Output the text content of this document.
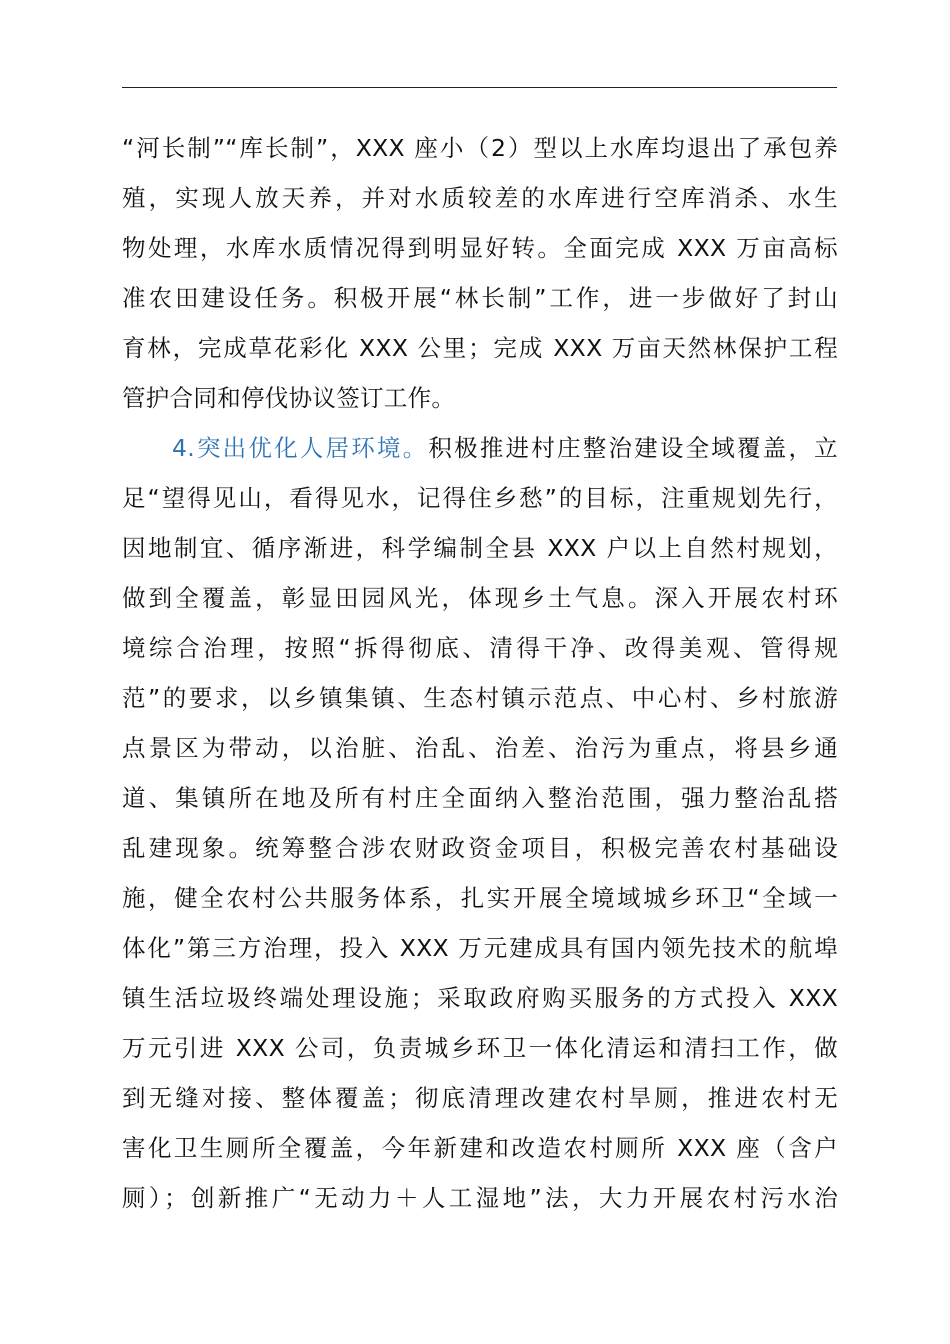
“河长制”“库长制”，XXX 座小（2）型以上水库均退出了承包养
殖，实现人放天养，并对水质较差的水库进行空库消杀、水生
物处理，水库水质情况得到明显好转。全面完成 XXX 万亩高标
准农田建设任务。积极开展“林长制”工作，进一步做好了封山
育林，完成草花彩化 XXX 公里；完成 XXX 万亩天然林保护工程
管护合同和停伐协议签订工作。
4.突出优化人居环境。积极推进村庄整治建设全域覆盖，立
足“望得见山，看得见水，记得住乡愁”的目标，注重规划先行，
因地制宜、循序渐进，科学编制全县 XXX 户以上自然村规划，
做到全覆盖，彰显田园风光，体现乡土气息。深入开展农村环
境综合治理，按照“拆得彻底、清得干净、改得美观、管得规
范”的要求，以乡镇集镇、生态村镇示范点、中心村、乡村旅游
点景区为带动，以治脏、治乱、治差、治污为重点，将县乡通
道、集镇所在地及所有村庄全面纳入整治范围，强力整治乱搭
乱建现象。统筹整合涉农财政资金项目，积极完善农村基础设
施，健全农村公共服务体系，扎实开展全境域城乡环卫“全域一
体化”第三方治理，投入 XXX 万元建成具有国内领先技术的航埠
镇生活垃圾终端处理设施；采取政府购买服务的方式投入 XXX
万元引进 XXX 公司，负责城乡环卫一体化清运和清扫工作，做
到无缝对接、整体覆盖；彻底清理改建农村旱厕，推进农村无
害化卫生厕所全覆盖，今年新建和改造农村厕所 XXX 座（含户
厕）；创新推广“无动力＋人工湿地”法，大力开展农村污水治
